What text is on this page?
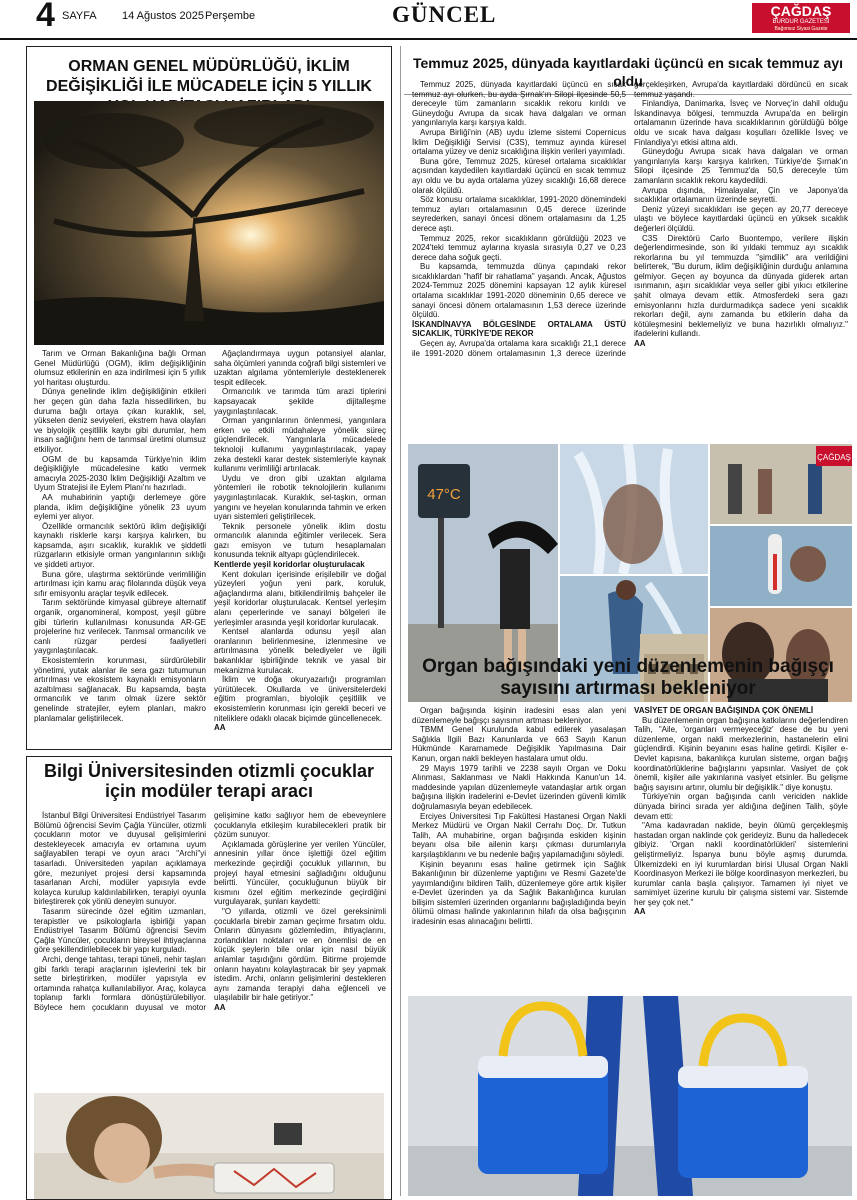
4 SAYFA 14 Ağustos 2025 Perşembe	GÜNCEL	ÇAĞDAŞ
BURDUR GAZETESİ
Bağımsız Siyasi Gazete
ORMAN GENEL MÜDÜRLÜĞÜ, İKLİM DEĞİŞİKLİĞİ İLE MÜCADELE İÇİN 5 YILLIK

Tarım ve Orman Bakanlığına bağlı Orman Genel Müdürlüğü (OGM), iklim değişikliğinin olumsuz etkilerinin en aza indirilmesi için 5 yıllık yol haritası oluşturdu.

Dünya genelinde iklim değişikliğinin etkileri her geçen gün daha fazla hissedilirken, bu duruma bağlı ortaya çıkan kuraklık, sel, yükselen deniz seviyeleri, ekstrem hava olayları ve biyolojik çeşitlilik kaybı gibi durumlar, hem insan sağlığını hem de tarımsal üretimi olumsuz etkiliyor.

OGM de bu kapsamda Türkiye'nin iklim değişikliğiyle mücadelesine katkı vermek amacıyla 2025-2030 İklim Değişikliği Azaltım ve Uyum Stratejisi ile Eylem Planı'nı hazırladı.

AA muhabirinin yaptığı derlemeye göre planda, iklim değişikliğine yönelik 23 uyum eylemi yer alıyor.

Özellikle ormancılık sektörü iklim değişikliği kaynaklı risklerle karşı karşıya kalırken, bu kapsamda, aşırı sıcaklık, kuraklık ve şiddetli rüzgarların etkisiyle orman yangınlarının sıklığı ve şiddeti artıyor.

Buna göre, ulaştırma sektöründe verimliliğin artırılması için kamu araç filolarında düşük veya sıfır emisyonlu araçlar teşvik edilecek.

Tarım sektöründe kimyasal gübreye alternatif organik, organomineral, kompost, yeşil gübre gibi türlerin kullanılması konusunda AR-GE projelerine hız verilecek. Tarımsal ormancılık ve canlı rüzgar perdesi faaliyetleri yaygınlaştırılacak.

Ekosistemlerin korunması, sürdürülebilir yönetimi, yutak alanlar ile sera gazı tutumunun artırılması ve ekosistem kaynaklı emisyonların azaltılması sağlanacak. Bu kapsamda, başta ormancılık ve tarım olmak üzere sektör genelinde stratejiler, eylem planları, makro planlamalar geliştirilecek.

Ağaçlandırmaya uygun potansiyel alanlar, saha ölçümleri yanında coğrafi bilgi sistemleri ve uzaktan algılama yöntemleriyle desteklenerek tespit edilecek.

Ormancılık ve tarımda tüm arazi tiplerini kapsayacak şekilde dijitalleşme yaygınlaştırılacak.

Orman yangınlarının önlenmesi, yangınlara erken ve etkili müdahaleye yönelik süreç güçlendirilecek. Yangınlarla mücadelede teknoloji kullanımı yaygınlaştırılacak, yapay zeka destekli karar destek sistemleriyle kaynak kullanımı verimliliği artırılacak.

Uydu ve dron gibi uzaktan algılama yöntemleri ile robotik teknolojilerin kullanımı yaygınlaştırılacak. Kuraklık, sel-taşkın, orman yangını ve heyelan konularında tahmin ve erken uyarı sistemleri geliştirilecek.

Teknik personele yönelik iklim dostu ormancılık alanında eğitimler verilecek. Sera gazı emisyon ve tutum hesaplamaları konusunda teknik altyapı güçlendirilecek.

Kentlerde yeşil koridorlar oluşturulacak

Kent dokuları içerisinde erişilebilir ve doğal yüzeyleri yoğun yeni park, koruluk, ağaçlandırma alanı, bitkilendirilmiş bahçeler ile yeşil koridorlar oluşturulacak. Kentsel yerleşim alanı çeperlerinde ve sanayi bölgeleri ile yerleşimler arasında yeşil koridorlar kurulacak.

Kentsel alanlarda odunsu yeşil alan oranlarının belirlenmesine, izlenmesine ve artırılmasına yönelik belediyeler ve ilgili bakanlıklar işbirliğinde teknik ve yasal bir mekanizma kurulacak.

İklim ve doğa okuryazarlığı programları yürütülecek. Okullarda ve üniversitelerdeki eğitim programları, biyolojik çeşitlilik ve ekosistemlerin korunması için gerekli beceri ve niteliklere odaklı olacak biçimde güncellenecek.

AA
Bilgi Üniversitesinden otizmli çocuklar için modüler terapi aracı

İstanbul Bilgi Üniversitesi Endüstriyel Tasarım Bölümü öğrencisi Sevim Çağla Yüncüler, otizmli çocukların motor ve duyusal gelişimlerini destekleyecek amacıyla ev ortamına uyum sağlayabilen terapi ve oyun aracı "Archi"yi tasarladı. Üniversiteden yapılan açıklamaya göre, mezuniyet projesi dersi kapsamında tasarlanan Archi, modüler yapısıyla evde kolayca kurulup kaldırılabilirken, terapiyi oyunla birleştirerek çok yönlü deneyim sunuyor.

Tasarım sürecinde özel eğitim uzmanları, terapistler ve psikologlarla işbirliği yapan Endüstriyel Tasarım Bölümü öğrencisi Sevim Çağla Yüncüler, çocukların bireysel ihtiyaçlarına göre şekillendirilebilecek bir yapı kurguladı.

Archi, denge tahtası, terapi tüneli, nehir taşları gibi farklı terapi araçlarının işlevlerini tek bir sette birleştirirken, modüler yapısıyla ev ortamında rahatça kullanılabiliyor. Araç, kolayca toplanıp farklı formlara dönüştürülebiliyor. Böylece hem çocukların duyusal ve motor gelişimine katkı sağlıyor hem de ebeveynlere çocuklarıyla etkileşim kurabilecekleri pratik bir çözüm sunuyor.

Açıklamada görüşlerine yer verilen Yüncüler, annesinin yıllar önce işlettiği özel eğitim merkezinde geçirdiği çocukluk yıllarının, bu projeyi hayal etmesini sağladığını olduğunu belirtti. Yüncüler, çocukluğunun büyük bir kısmını özel eğitim merkezinde geçirdiğini vurgulayarak, şunları kaydetti:

"O yıllarda, otizmli ve özel gereksinimli çocuklarla birebir zaman geçirme fırsatım oldu. Onların dünyasını gözlemledim, ihtiyaçlarını, zorlandıkları noktaları ve en önemlisi de en küçük şeylerin bile onlar için nasıl büyük anlamlar taşıdığını gördüm. Bitirme projemde onların hayatını kolaylaştıracak bir şey yapmak istedim. Archi, onların gelişimlerini destekleren aynı zamanda terapiyi daha eğlenceli ve ulaşılabilir bir hale getiriyor."

AA
Temmuz 2025, dünyada kayıtlardaki üçüncü en sıcak temmuz ayı oldu

Temmuz 2025, dünyada kayıtlardaki üçüncü en sıcak temmuz ayı olurken, bu ayda Şırnak'ın Silopi ilçesinde 50,5 dereceyle tüm zamanların sıcaklık rekoru kırıldı ve Güneydoğu Avrupa da sıcak hava dalgaları ve orman yangınlarıyla karşı karşıya kaldı.

Avrupa Birliği'nin (AB) uydu izleme sistemi Copernicus İklim Değişikliği Servisi (C3S), temmuz ayında küresel ortalama yüzey ve deniz sıcaklığına ilişkin verileri yayımladı.

Buna göre, Temmuz 2025, küresel ortalama sıcaklıklar açısından kaydedilen kayıtlardaki üçüncü en sıcak temmuz ayı oldu ve bu ayda ortalama yüzey sıcaklığı 16,68 derece olarak ölçüldü.

Söz konusu ortalama sıcaklıklar, 1991-2020 dönemindeki temmuz ayları ortalamasının 0,45 derece üzerinde seyrederken, sanayi öncesi dönem ortalamasını da 1,25 derece aştı.

Temmuz 2025, rekor sıcaklıkların görüldüğü 2023 ve 2024'teki temmuz aylarına kıyasla sırasıyla 0,27 ve 0,23 derece daha soğuk geçti.

Bu kapsamda, temmuzda dünya çapındaki rekor sıcaklıklardan "hafif bir rahatlama" yaşandı. Ancak, Ağustos 2024-Temmuz 2025 dönemini kapsayan 12 aylık küresel ortalama sıcaklıklar 1991-2020 döneminin 0,65 derece ve sanayi öncesi dönem ortalamasının 1,53 derece üzerinde ölçüldü.

İSKANDİNAVYA BÖLGESİNDE ORTALAMA ÜSTÜ SICAKLIK, TÜRKİYE'DE REKOR

Geçen ay, Avrupa'da ortalama kara sıcaklığı 21,1 derece ile 1991-2020 dönem ortalamasının 1,3 derece üzerinde gerçekleşirken, Avrupa'da kayıtlardaki dördüncü en sıcak temmuz yaşandı.

Finlandiya, Danimarka, İsveç ve Norveç'in dahil olduğu İskandinavya bölgesi, temmuzda Avrupa'da en belirgin ortalamanın üzerinde hava sıcaklıklarının görüldüğü bölge oldu ve sıcak hava dalgası koşulları özellikle İsveç ve Finlandiya'yı etkisi altına aldı.

Güneydoğu Avrupa sıcak hava dalgaları ve orman yangınlarıyla karşı karşıya kalırken, Türkiye'de Şırnak'ın Silopi ilçesinde 25 Temmuz'da 50,5 dereceyle tüm zamanların sıcaklık rekoru kaydedildi.

Avrupa dışında, Himalayalar, Çin ve Japonya'da sıcaklıklar ortalamanın üzerinde seyretti.

Deniz yüzeyi sıcaklıkları ise geçen ay 20,77 dereceye ulaştı ve böylece kayıtlardaki üçüncü en yüksek sıcaklık değerleri ölçüldü.

C3S Direktörü Carlo Buontempo, verilere ilişkin değerlendirmesinde, son iki yıldaki temmuz ayı sıcaklık rekorlarına bu yıl temmuzda "şimdilik" ara verildiğini belirterek, "Bu durum, iklim değişikliğinin durduğu anlamına gelmiyor. Geçen ay boyunca da dünyada giderek artan ısınmanın, aşırı sıcaklıklar veya seller gibi yıkıcı etkilerine şahit olmaya devam ettik. Atmosferdeki sera gazı emisyonlarını hızla durdurmadıkça sadece yeni sıcaklık rekorları değil, aynı zamanda bu etkilerin daha da kötüleşmesini beklemeliyiz ve buna hazırlıklı olmalıyız." ifadelerini kullandı.

AA
47°C
ÇAĞDAŞ
Organ bağışındaki yeni düzenlemenin bağışçı sayısını artırması bekleniyor

Organ bağışında kişinin iradesini esas alan yeni düzenlemeyle bağışçı sayısının artması bekleniyor.

TBMM Genel Kurulunda kabul edilerek yasalaşan Sağlıkla İlgili Bazı Kanunlarda ve 663 Sayılı Kanun Hükmünde Kararnamede Değişiklik Yapılmasına Dair Kanun, organ nakli bekleyen hastalara umut oldu.

29 Mayıs 1979 tarihli ve 2238 sayılı Organ ve Doku Alınması, Saklanması ve Nakli Hakkında Kanun'un 14. maddesinde yapılan düzenlemeyle vatandaşlar artık organ bağışına ilişkin iradelerini e-Devlet üzerinden güvenli kimlik doğrulamasıyla beyan edebilecek.

Erciyes Üniversitesi Tıp Fakültesi Hastanesi Organ Nakli Merkez Müdürü ve Organ Nakil Cerrahı Doç. Dr. Tutkun Talih, AA muhabirine, organ bağışında eskiden kişinin beyanı olsa bile ailenin karşı çıkması durumlarıyla karşılaştıklarını ve bu nedenle bağış yapılamadığını söyledi.

Kişinin beyanını esas haline getirmek için Sağlık Bakanlığının bir düzenleme yaptığını ve Resmi Gazete'de yayımlandığını bildiren Talih, düzenlemeye göre artık kişiler e-Devlet üzerinden ya da Sağlık Bakanlığınca kurulan bilişim sistemleri üzerinden organlarını bağışladığında beyin ölümü olması halinde yakınlarının hilafı da olsa bağışçının iradesinin esas alınacağını belirtti.

VASİYET DE ORGAN BAĞIŞINDA ÇOK ÖNEMLİ

Bu düzenlemenin organ bağışına katkılarını değerlendiren Talih, "Aile, 'organları vermeyeceğiz' dese de bu yeni düzenleme, organ nakli merkezlerinin, hastanelerin elini güçlendirdi. Kişinin beyanını esas haline getirdi. Kişiler e-Devlet kapısına, bakanlıkça kurulan sisteme, organ bağış koordinatörlüklerine bağışlarını yapsınlar. Vasiyet de çok önemli, kişiler aile yakınlarına vasiyet etsinler. Bu gelişme bağış sayısını artırır, olumlu bir değişiklik." diye konuştu.

Türkiye'nin organ bağışında canlı vericiden naklide dünyada birinci sırada yer aldığına değinen Talih, şöyle devam etti:

"Ama kadavradan naklide, beyin ölümü gerçekleşmiş hastadan organ naklinde çok gerideyiz. Bunu da halledecek gibiyiz. 'Organ nakli koordinatörlükleri' sistemlerini geliştirmeliyiz. İspanya bunu böyle aşmış durumda. Ülkemizdeki en iyi kurumlardan birisi Ulusal Organ Nakli Koordinasyon Merkezi ile bölge koordinasyon merkezleri, bu kurumlar canla başla çalışıyor. Tamamen iyi niyet ve samimiyet üzerine kurulu bir çalışma sistemi var. Sistemde her şey çok net."

AA
